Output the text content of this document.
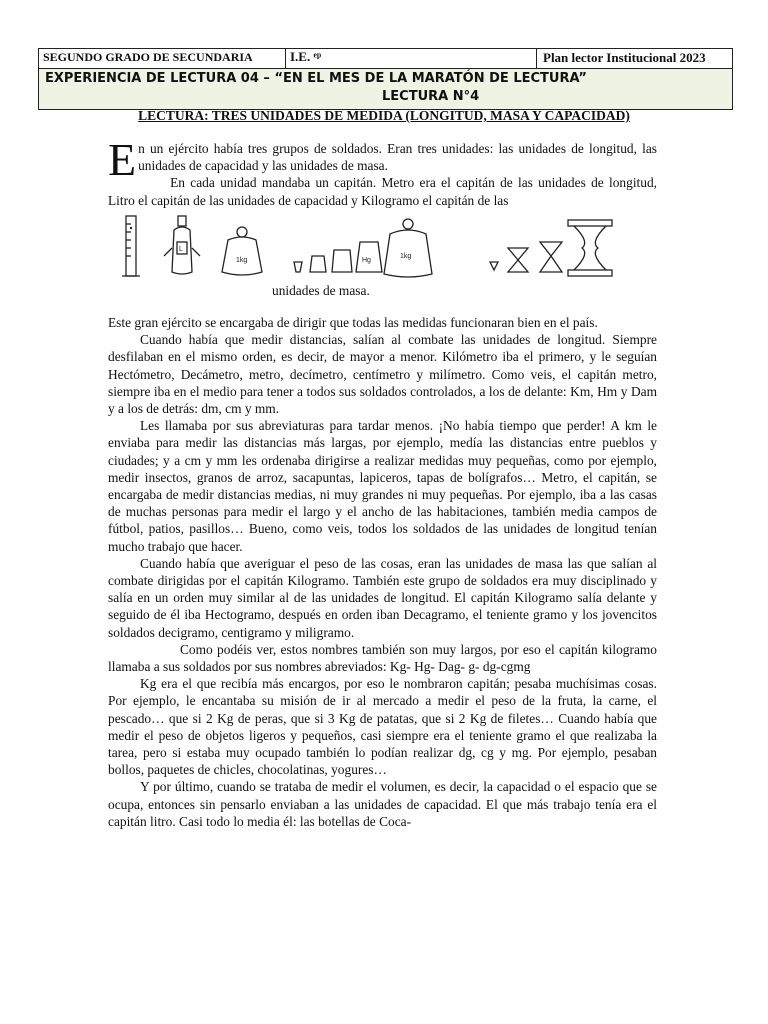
SEGUNDO GRADO DE SECUNDARIA	I.E. ᵉᵖ	Plan lector Institucional 2023
EXPERIENCIA DE LECTURA 04 – “EN EL MES DE LA MARATÓN DE LECTURA”
LECTURA N°4
LECTURA: TRES UNIDADES DE MEDIDA (LONGITUD, MASA Y CAPACIDAD)

En un ejército había tres grupos de soldados. Eran tres unidades: las unidades de longitud, las unidades de capacidad y las unidades de masa.

En cada unidad mandaba un capitán. Metro era el capitán de las unidades de longitud, Litro el capitán de las unidades de capacidad y Kilogramo el capitán de las

L
1kg	Hg
1kg
unidades de masa.

Este gran ejército se encargaba de dirigir que todas las medidas funcionaran bien en el país.

Cuando había que medir distancias, salían al combate las unidades de longitud. Siempre desfilaban en el mismo orden, es decir, de mayor a menor. Kilómetro iba el primero, y le seguían Hectómetro, Decámetro, metro, decímetro, centímetro y milímetro. Como veis, el capitán metro, siempre iba en el medio para tener a todos sus soldados controlados, a los de delante: Km, Hm y Dam y a los de detrás: dm, cm y mm.

Les llamaba por sus abreviaturas para tardar menos. ¡No había tiempo que perder! A km le enviaba para medir las distancias más largas, por ejemplo, medía las distancias entre pueblos y ciudades; y a cm y mm les ordenaba dirigirse a realizar medidas muy pequeñas, como por ejemplo, medir insectos, granos de arroz, sacapuntas, lapiceros, tapas de bolígrafos… Metro, el capitán, se encargaba de medir distancias medias, ni muy grandes ni muy pequeñas. Por ejemplo, iba a las casas de muchas personas para medir el largo y el ancho de las habitaciones, también media campos de fútbol, patios, pasillos… Bueno, como veis, todos los soldados de las unidades de longitud tenían mucho trabajo que hacer.

Cuando había que averiguar el peso de las cosas, eran las unidades de masa las que salían al combate dirigidas por el capitán Kilogramo. También este grupo de soldados era muy disciplinado y salía en un orden muy similar al de las unidades de longitud. El capitán Kilogramo salía delante y seguido de él iba Hectogramo, después en orden iban Decagramo, el teniente gramo y los jovencitos soldados decigramo, centigramo y miligramo.

Como podéis ver, estos nombres también son muy largos, por eso el capitán kilogramo llamaba a sus soldados por sus nombres abreviados: Kg- Hg- Dag- g- dg-cgmg

Kg era el que recibía más encargos, por eso le nombraron capitán; pesaba muchísimas cosas. Por ejemplo, le encantaba su misión de ir al mercado a medir el peso de la fruta, la carne, el pescado… que si 2 Kg de peras, que si 3 Kg de patatas, que si 2 Kg de filetes… Cuando había que medir el peso de objetos ligeros y pequeños, casi siempre era el teniente gramo el que realizaba la tarea, pero si estaba muy ocupado también lo podían realizar dg, cg y mg. Por ejemplo, pesaban bollos, paquetes de chicles, chocolatinas, yogures…

Y por último, cuando se trataba de medir el volumen, es decir, la capacidad o el espacio que se ocupa, entonces sin pensarlo enviaban a las unidades de capacidad. El que más trabajo tenía era el capitán litro. Casi todo lo media él: las botellas de Coca-
